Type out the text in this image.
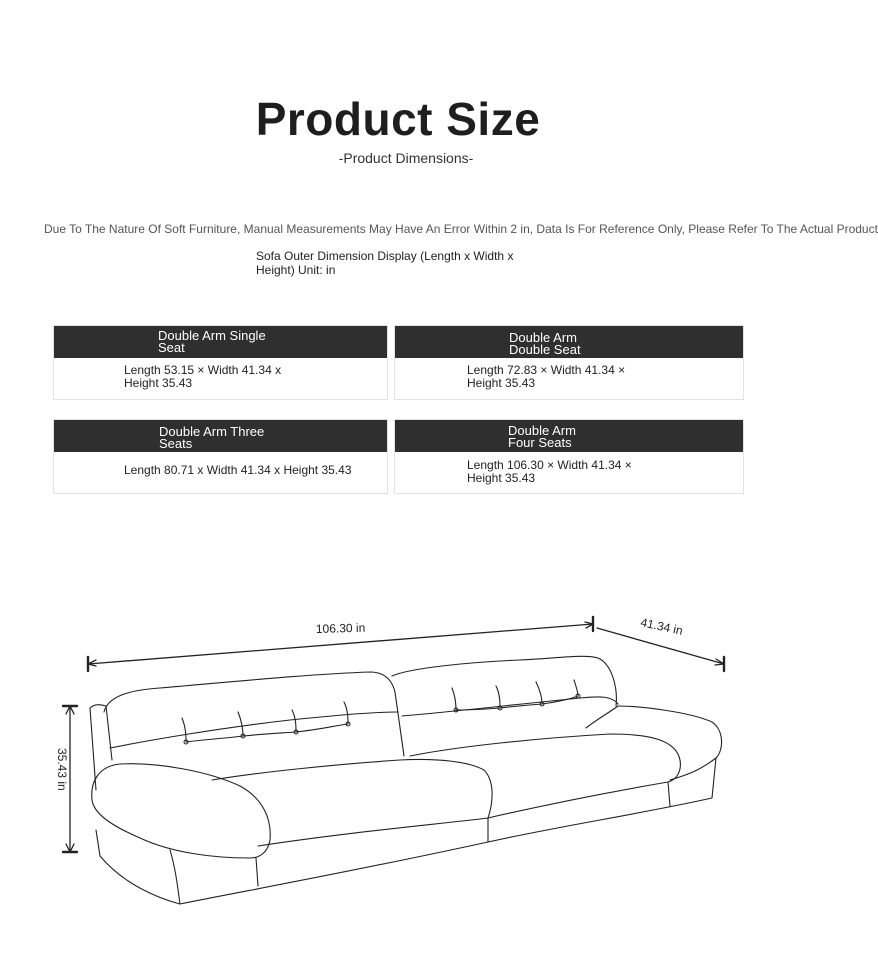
Product Size
-Product Dimensions-
Due To The Nature Of Soft Furniture, Manual Measurements May Have An Error Within 2 in, Data Is For Reference Only, Please Refer To The Actual Product
Sofa Outer Dimension Display (Length x Width x
Height) Unit: in
Double Arm Single
Seat
Length 53.15 × Width 41.34 x
Height 35.43
Double Arm
Double Seat
Length 72.83 × Width 41.34 ×
Height 35.43
Double Arm Three
Seats
Length 80.71 x Width 41.34 x Height 35.43
Double Arm
Four Seats
Length 106.30 × Width 41.34 ×
Height 35.43
106.30 in	41.34 in
35.43 in
